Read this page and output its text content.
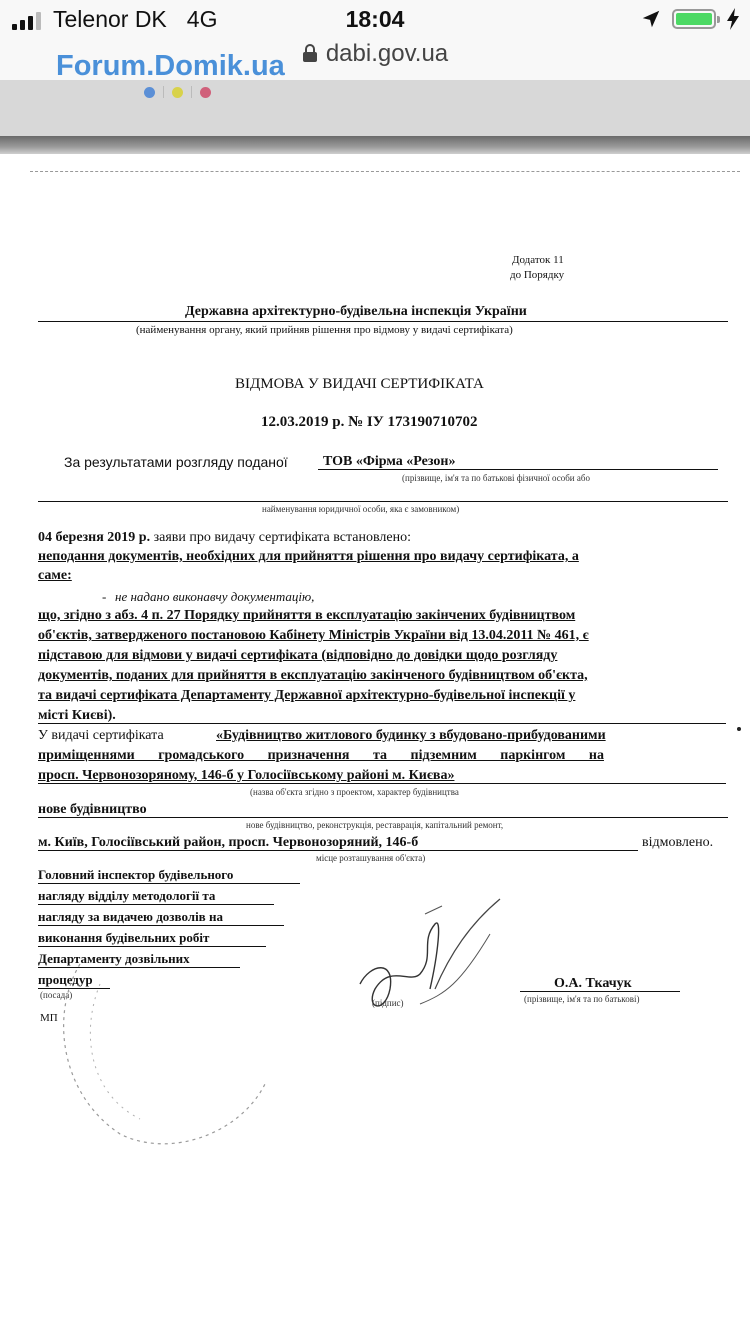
Telenor DK 4G	18:04
dabi.gov.ua
Forum.Domik.ua
Додаток 11
до Порядку
Державна архітектурно-будівельна інспекція України
(найменування органу, який прийняв рішення про відмову у видачі сертифіката)
ВІДМОВА У ВИДАЧІ СЕРТИФІКАТА
12.03.2019 р. № ІУ 173190710702
За результатами розгляду поданої	ТОВ «Фірма «Резон»
(прізвище, ім'я та по батькові фізичної особи або
найменування юридичної особи, яка є замовником)
04 березня 2019 р. заяви про видачу сертифіката встановлено:
неподання документів, необхідних для прийняття рішення про видачу сертифіката, а
саме:
- не надано виконавчу документацію,
що, згідно з абз. 4 п. 27 Порядку прийняття в експлуатацію закінчених будівництвом
об'єктів, затвердженого постановою Кабінету Міністрів України від 13.04.2011 № 461, є
підставою для відмови у видачі сертифіката (відповідно до довідки щодо розгляду
документів, поданих для прийняття в експлуатацію закінченого будівництвом об'єкта,
та видачі сертифіката Департаменту Державної архітектурно-будівельної інспекції у
місті Києві).
У видачі сертифіката	«Будівництво житлового будинку з вбудовано-прибудованими
приміщеннями громадського призначення та підземним паркінгом на
просп. Червонозоряному, 146-б у Голосіївському районі м. Києва»
(назва об'єкта згідно з проектом, характер будівництва
нове будівництво
нове будівництво, реконструкція, реставрація, капітальний ремонт,
м. Київ, Голосіївський район, просп. Червонозоряний, 146-б	відмовлено.
місце розташування об'єкта)
Головний інспектор будівельного
нагляду відділу методології та
нагляду за видачею дозволів на
виконання будівельних робіт
Департаменту дозвільних
процедур
(посада)
МП
(підпис)
О.А. Ткачук
(прізвище, ім'я та по батькові)
